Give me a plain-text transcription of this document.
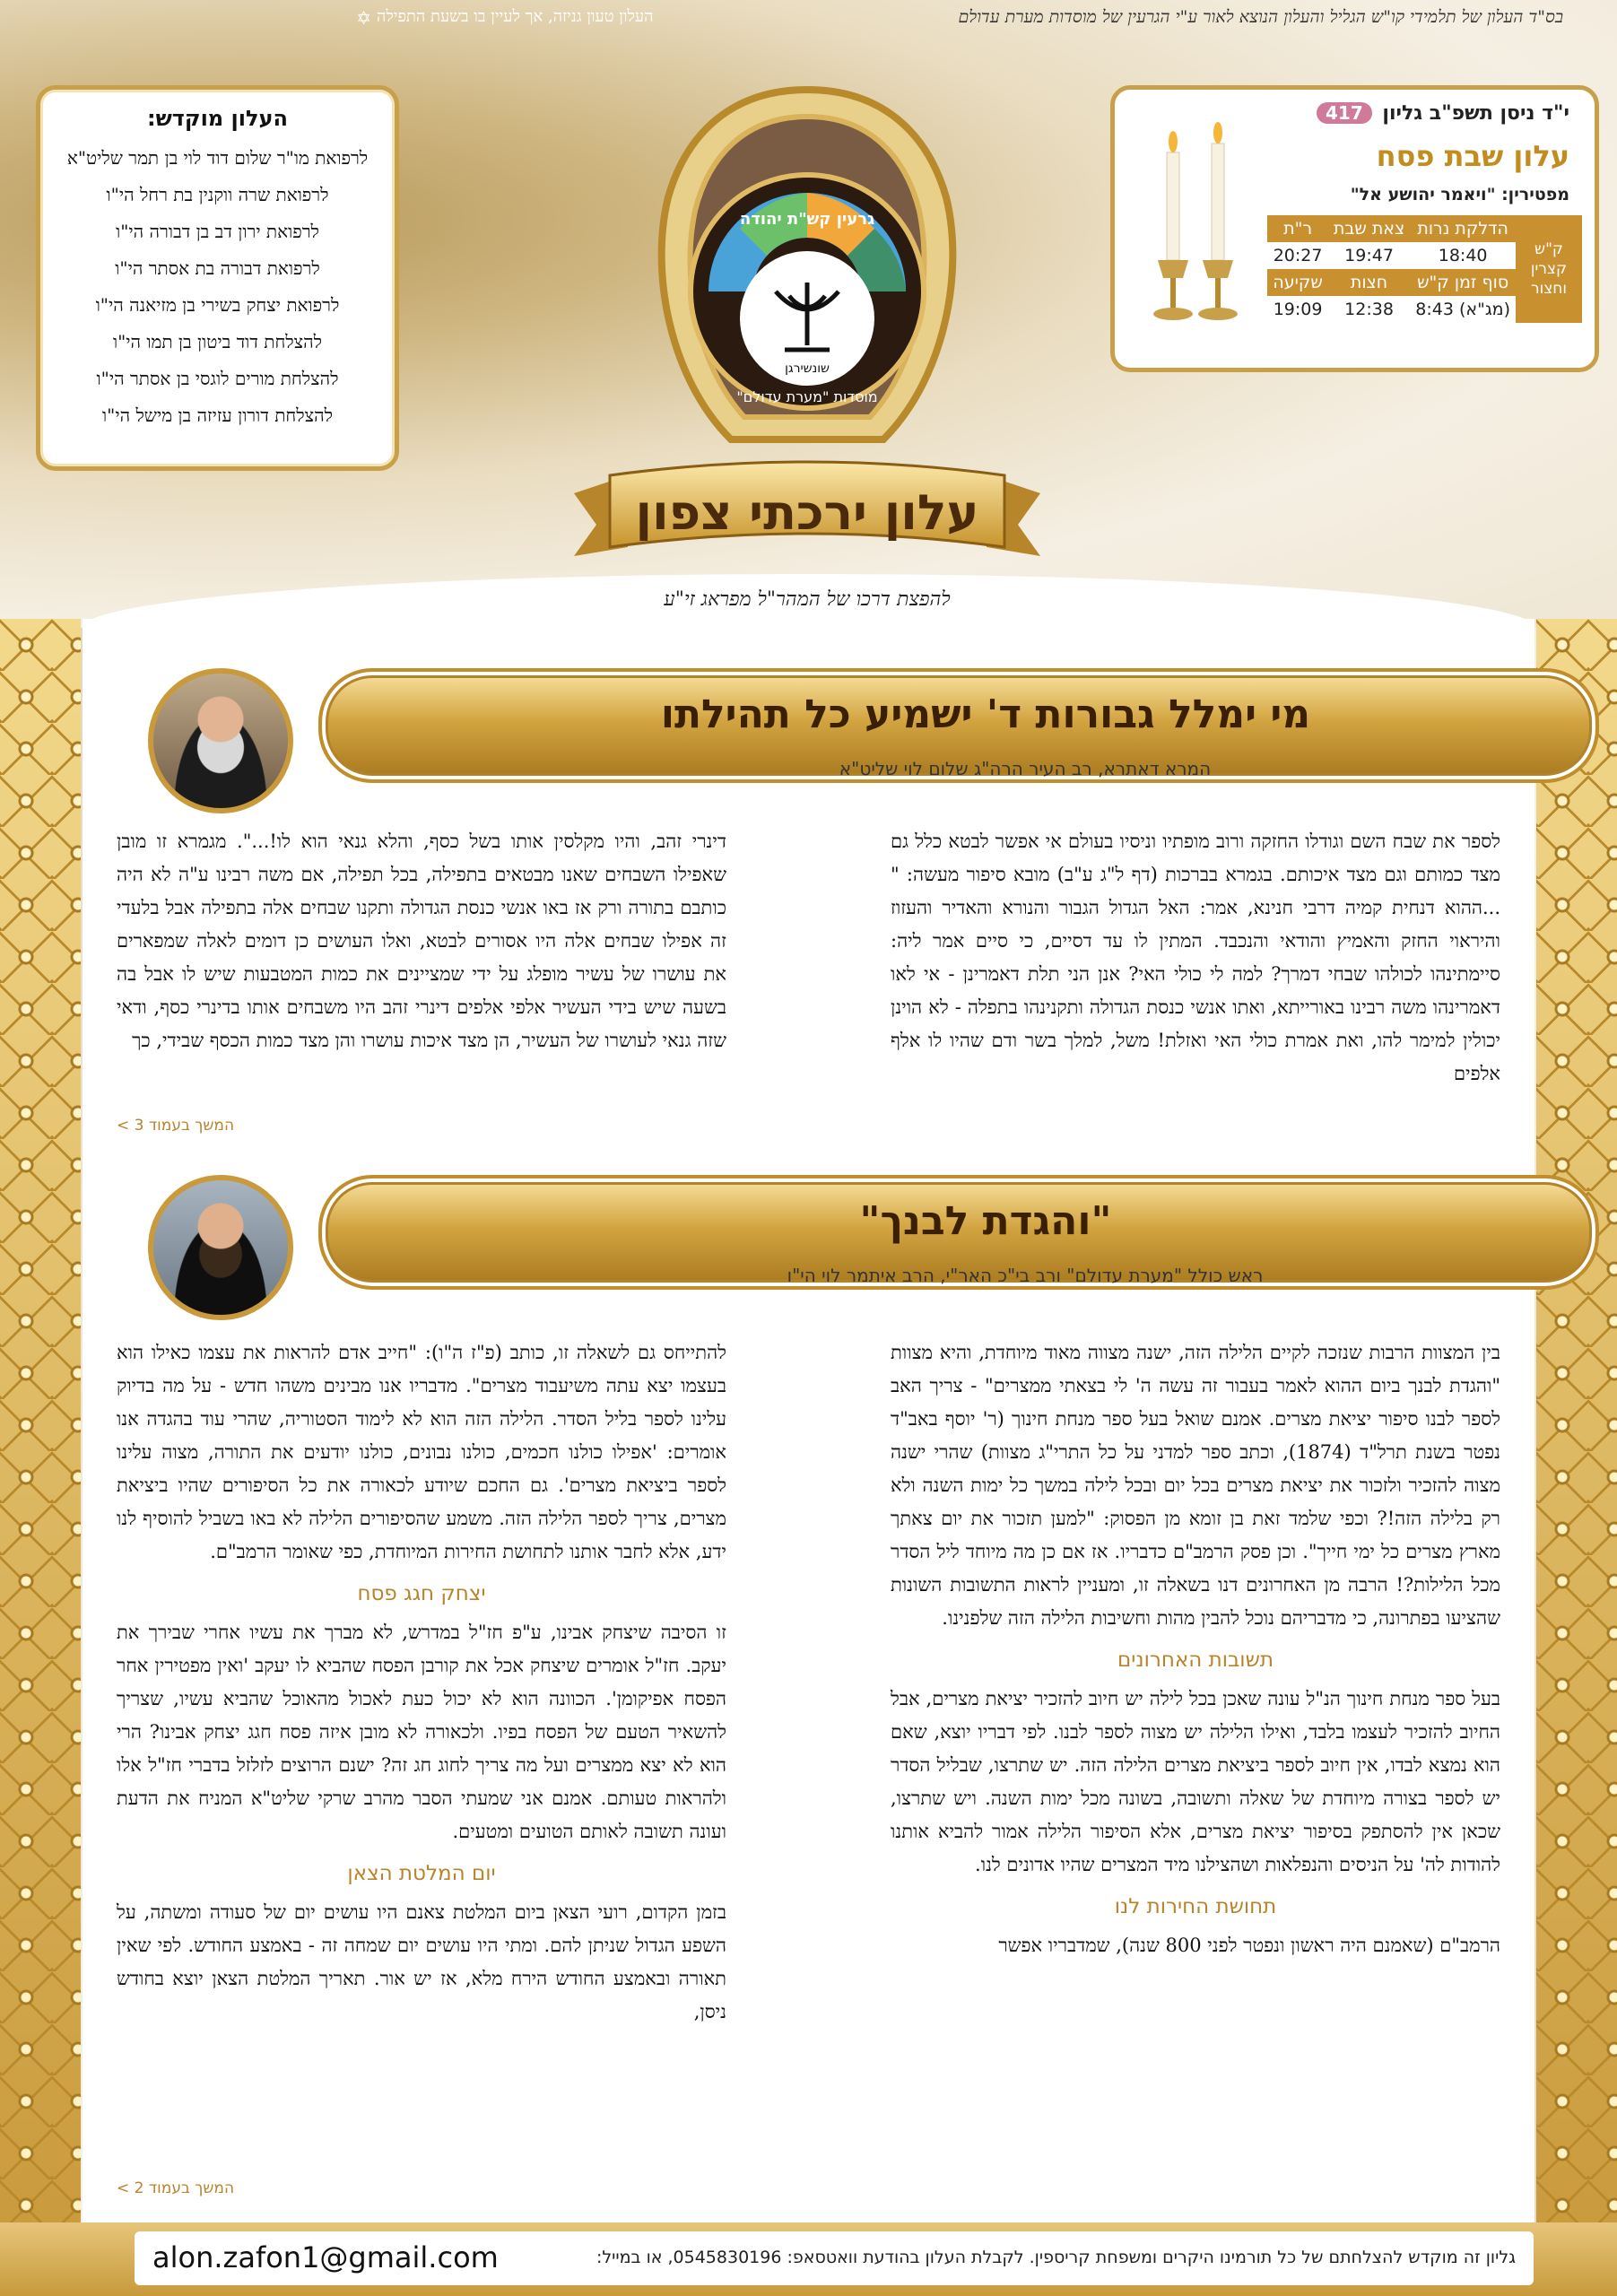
בס"ד העלון של תלמידי קו"ש הגליל והעלון הנוצא לאור ע"י הגרעין של מוסדות מערת עדולם
✡ העלון טעון גניזה, אך לעיין בו בשעת התפילה
העלון מוקדש:
לרפואת מו"ר שלום דוד לוי בן תמר שליט"א
לרפואת שרה ווקנין בת רחל הי"ו
לרפואת ירון דב בן דבורה הי"ו
לרפואת דבורה בת אסתר הי"ו
לרפואת יצחק בשירי בן מזיאנה הי"ו
להצלחת דוד ביטון בן תמו הי"ו
להצלחת מורים לוגסי בן אסתר הי"ו
להצלחת דורון עזיזה בן מישל הי"ו
י"ד ניסן תשפ"ב גליון 417
עלון שבת פסח
מפטירין: "ויאמר יהושע אל"
ק"ש קצרין וחצור	הדלקת נרות	צאת שבת	ר"ת
	18:40	19:47	20:27
	סוף זמן ק"ש	חצות	שקיעה
	(מג"א) 8:43	12:38	19:09
שונשירגן
גרעין קש"ת יהודה
מוסדות "מערת עדולם"
עלון ירכתי צפון
להפצת דרכו של המהר"ל מפראג זי"ע
מי ימלל גבורות ד' ישמיע כל תהילתו
המרא דאתרא, רב העיר הרה"ג שלום לוי שליט"א

לספר את שבח השם וגודלו החזקה ורוב מופתיו וניסיו בעולם אי אפשר לבטא כלל גם מצד כמותם וגם מצד איכותם. בגמרא בברכות (דף ל"ג ע"ב) מובא סיפור מעשה: " ...ההוא דנחית קמיה דרבי חנינא, אמר: האל הגדול הגבור והנורא והאדיר והעזוז והיראוי החזק והאמיץ והודאי והנכבד. המתין לו עד דסיים, כי סיים אמר ליה: סיימתינהו לכולהו שבחי דמרך? למה לי כולי האי? אנן הני תלת דאמרינן - אי לאו דאמרינהו משה רבינו באורייתא, ואתו אנשי כנסת הגדולה ותקנינהו בתפלה - לא הוינן יכולין למימר להו, ואת אמרת כולי האי ואזלת! משל, למלך בשר ודם שהיו לו אלף אלפים

דינרי זהב, והיו מקלסין אותו בשל כסף, והלא גנאי הוא לו!...". מגמרא זו מובן שאפילו השבחים שאנו מבטאים בתפילה, בכל תפילה, אם משה רבינו ע"ה לא היה כותבם בתורה ורק אז באו אנשי כנסת הגדולה ותקנו שבחים אלה בתפילה אבל בלעדי זה אפילו שבחים אלה היו אסורים לבטא, ואלו העושים כן דומים לאלה שמפארים את עושרו של עשיר מופלג על ידי שמציינים את כמות המטבעות שיש לו אבל בה בשעה שיש בידי העשיר אלפי אלפים דינרי זהב היו משבחים אותו בדינרי כסף, ודאי שזה גנאי לעושרו של העשיר, הן מצד איכות עושרו והן מצד כמות הכסף שבידי, כך

המשך בעמוד 3 >
"והגדת לבנך"
ראש כולל "מערת עדולם" ורב בי"כ האר"י, הרב איתמר לוי הי"ו

בין המצוות הרבות שנזכה לקיים הלילה הזה, ישנה מצווה מאוד מיוחדת, והיא מצוות "והגדת לבנך ביום ההוא לאמר בעבור זה עשה ה' לי בצאתי ממצרים" - צריך האב לספר לבנו סיפור יציאת מצרים. אמנם שואל בעל ספר מנחת חינוך (ר' יוסף באב"ד נפטר בשנת תרל"ד (1874), וכתב ספר למדני על כל התרי"ג מצוות) שהרי ישנה מצוה להזכיר ולזכור את יציאת מצרים בכל יום ובכל לילה במשך כל ימות השנה ולא רק בלילה הזה!? וכפי שלמד זאת בן זומא מן הפסוק: "למען תזכור את יום צאתך מארץ מצרים כל ימי חייך". וכן פסק הרמב"ם כדבריו. אז אם כן מה מיוחד ליל הסדר מכל הלילות?! הרבה מן האחרונים דנו בשאלה זו, ומעניין לראות התשובות השונות שהציעו בפתרונה, כי מדבריהם נוכל להבין מהות וחשיבות הלילה הזה שלפנינו.

תשובות האחרונים

בעל ספר מנחת חינוך הנ"ל עונה שאכן בכל לילה יש חיוב להזכיר יציאת מצרים, אבל החיוב להזכיר לעצמו בלבד, ואילו הלילה יש מצוה לספר לבנו. לפי דבריו יוצא, שאם הוא נמצא לבדו, אין חיוב לספר ביציאת מצרים הלילה הזה. יש שתרצו, שבליל הסדר יש לספר בצורה מיוחדת של שאלה ותשובה, בשונה מכל ימות השנה. ויש שתרצו, שכאן אין להסתפק בסיפור יציאת מצרים, אלא הסיפור הלילה אמור להביא אותנו להודות לה' על הניסים והנפלאות ושהצילנו מיד המצרים שהיו אדונים לנו.

תחושת החירות לנו

הרמב"ם (שאמנם היה ראשון ונפטר לפני 800 שנה), שמדבריו אפשר

להתייחס גם לשאלה זו, כותב (פ"ז ה"ו): "חייב אדם להראות את עצמו כאילו הוא בעצמו יצא עתה משיעבוד מצרים". מדבריו אנו מבינים משהו חדש - על מה בדיוק עלינו לספר בליל הסדר. הלילה הזה הוא לא לימוד הסטוריה, שהרי עוד בהגדה אנו אומרים: 'אפילו כולנו חכמים, כולנו נבונים, כולנו יודעים את התורה, מצוה עלינו לספר ביציאת מצרים'. גם החכם שיודע לכאורה את כל הסיפורים שהיו ביציאת מצרים, צריך לספר הלילה הזה. משמע שהסיפורים הלילה לא באו בשביל להוסיף לנו ידע, אלא לחבר אותנו לתחושת החירות המיוחדת, כפי שאומר הרמב"ם.

יצחק חגג פסח

זו הסיבה שיצחק אבינו, ע"פ חז"ל במדרש, לא מברך את עשיו אחרי שבירך את יעקב. חז"ל אומרים שיצחק אכל את קורבן הפסח שהביא לו יעקב 'ואין מפטירין אחר הפסח אפיקומן'. הכוונה הוא לא יכול כעת לאכול מהאוכל שהביא עשיו, שצריך להשאיר הטעם של הפסח בפיו. ולכאורה לא מובן איזה פסח חגג יצחק אבינו? הרי הוא לא יצא ממצרים ועל מה צריך לחוג חג זה? ישנם הרוצים לזלזל בדברי חז"ל אלו ולהראות טעותם. אמנם אני שמעתי הסבר מהרב שרקי שליט"א המניח את הדעת ועונה תשובה לאותם הטועים ומטעים.

יום המלטת הצאן

בזמן הקדום, רועי הצאן ביום המלטת צאנם היו עושים יום של סעודה ומשתה, על השפע הגדול שניתן להם. ומתי היו עושים יום שמחה זה - באמצע החודש. לפי שאין תאורה ובאמצע החודש הירח מלא, אז יש אור. תאריך המלטת הצאן יוצא בחודש ניסן,

המשך בעמוד 2 >
alon.zafon1@gmail.com	גליון זה מוקדש להצלחתם של כל תורמינו היקרים ומשפחת קריספין. לקבלת העלון בהודעת וואטסאפ: 0545830196, או במייל:
